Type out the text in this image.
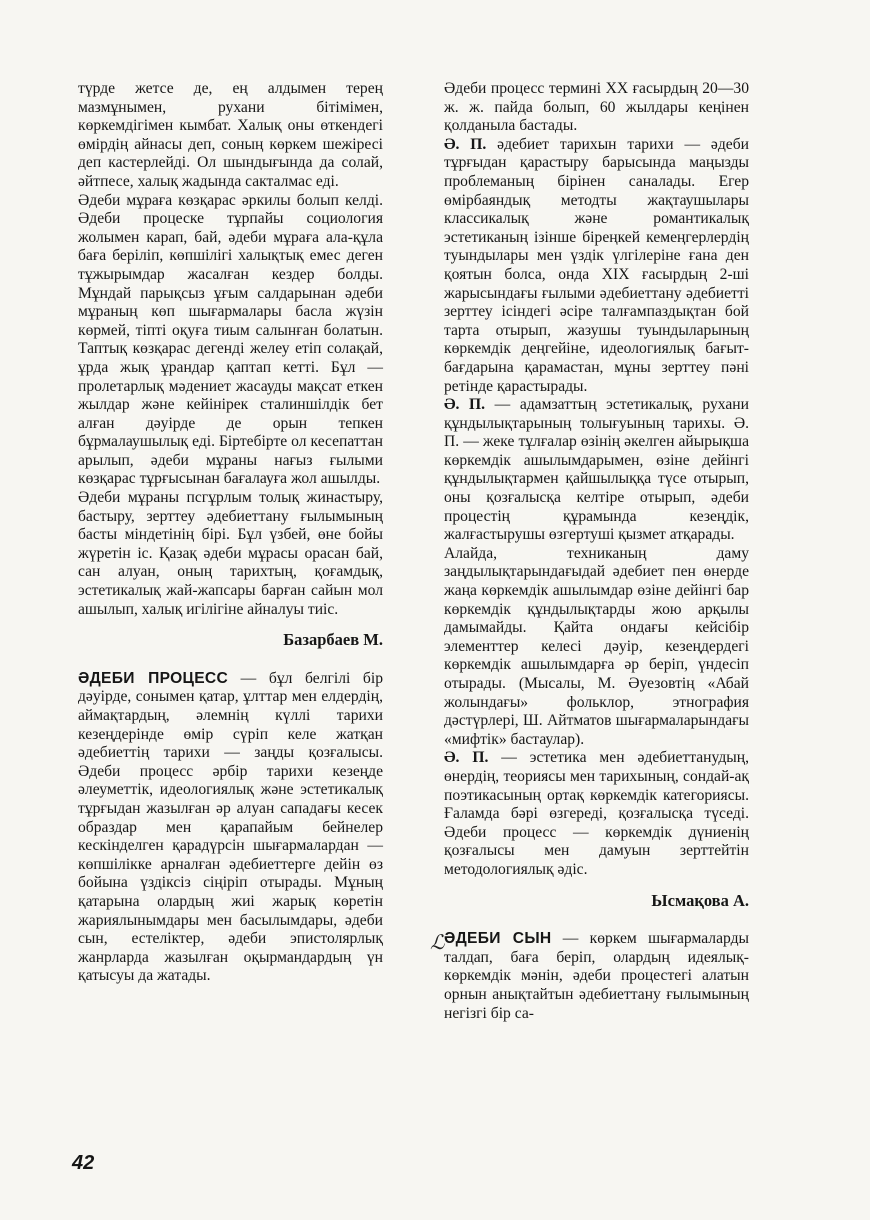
түрде жетсе де, ең алдымен терең мазмұнымен, рухани бітімімен, көркемдігімен кымбат. Халық оны өткендегі өмірдің айнасы деп, соның көркем шежіресі деп кастерлейді. Ол шындығында да солай, әйтпесе, халық жадында сакталмас еді.

Әдеби мұраға көзқарас әркилы болып келді. Әдеби процеске тұрпайы социология жолымен карап, бай, әдеби мұраға ала-құла баға беріліп, көпшілігі халықтық емес деген тұжырымдар жасалған кездер болды. Мұндай парықсыз ұғым салдарынан әдеби мұраның көп шығармалары басла жүзін көрмей, тіпті оқуға тиым салынған болатын. Таптық көзқарас дегенді желеу етіп солақай, ұрда жық ұрандар қаптап кетті. Бұл — пролетарлық мәдениет жасауды мақсат еткен жылдар және кейінірек сталиншілдік бет алған дәуірде де орын тепкен бұрмалаушылық еді. Біртебірте ол кесепаттан арылып, әдеби мұраны нағыз ғылыми көзқарас тұрғысынан бағалауға жол ашылды.

Әдеби мұраны псгұрлым толық жинастыру, бастыру, зерттеу әдебиеттану ғылымының басты міндетінің бірі. Бұл үзбей, өне бойы жүретін іс. Қазақ әдеби мұрасы орасан бай, сан алуан, оның тарихтың, қоғамдық, эстетикалық жай-жапсары барған сайын мол ашылып, халық игілігіне айналуы тиіс.

Базарбаев М.

ӘДЕБИ ПРОЦЕСС — бұл белгілі бір дәуірде, сонымен қатар, ұлттар мен елдердің, аймақтардың, әлемнің күллі тарихи кезеңдерінде өмір сүріп келе жатқан әдебиеттің тарихи — заңды қозғалысы. Әдеби процесс әрбір тарихи кезеңде әлеуметтік, идеологиялық және эстетикалық тұрғыдан жазылған әр алуан сападағы кесек образдар мен қарапайым бейнелер кескінделген қарадүрсін шығармалардан — көпшілікке арналған әдебиеттерге дейін өз бойына үздіксіз сіңіріп отырады. Мұның қатарына олардың жиі жарық көретін жариялынымдары мен басылымдары, әдеби сын, естеліктер, әдеби эпистолярлық жанрларда жазылған оқырмандардың үн қатысуы да жатады.

Әдеби процесс термині XX ғасырдың 20—30 ж. ж. пайда болып, 60 жылдары кеңінен қолданыла бастады.

Ә. П. әдебиет тарихын тарихи — әдеби тұрғыдан қарастыру барысында маңызды проблеманың бірінен саналады. Егер өмірбаяндық методты жақтаушылары классикалық және романтикалық эстетиканың ізінше біреңкей кемеңгерлердің туындылары мен үздік үлгілеріне ғана ден қоятын болса, онда XIX ғасырдың 2-ші жарысындағы ғылыми әдебиеттану әдебиетті зерттеу ісіндегі әсіре талғампаздықтан бой тарта отырып, жазушы туындыларының көркемдік деңгейіне, идеологиялық бағыт-бағдарына қарамастан, мұны зерттеу пәні ретінде қарастырады.

Ә. П. — адамзаттың эстетикалық, рухани құндылықтарының толығуының тарихы. Ә. П. — жеке тұлғалар өзінің әкелген айырықша көркемдік ашылымдарымен, өзіне дейінгі құндылықтармен қайшылыққа түсе отырып, оны қозғалысқа келтіре отырып, әдеби процестің құрамында кезеңдік, жалғастырушы өзгертуші қызмет атқарады.

Алайда, техниканың даму заңдылықтарындағыдай әдебиет пен өнерде жаңа көркемдік ашылымдар өзіне дейінгі бар көркемдік құндылықтарды жою арқылы дамымайды. Қайта ондағы кейсібір элементтер келесі дәуір, кезеңдердегі көркемдік ашылымдарға әр беріп, үндесіп отырады. (Мысалы, М. Әуезовтің «Абай жолындағы» фольклор, этнография дәстүрлері, Ш. Айтматов шығармаларындағы «мифтік» бастаулар).

Ә. П. — эстетика мен әдебиеттанудың, өнердің, теориясы мен тарихының, сондай-ақ поэтикасының ортақ көркемдік категориясы. Ғаламда бәрі өзгереді, қозғалысқа түседі. Әдеби процесс — көркемдік дүниенің қозғалысы мен дамуын зерттейтін методологиялық әдіс.

Ысмақова А.

ℒ ӘДЕБИ СЫН — көркем шығармаларды талдап, баға беріп, олардың идеялық-көркемдік мәнін, әдеби процестегі алатын орнын анықтайтын әдебиеттану ғылымының негізгі бір са-

42
